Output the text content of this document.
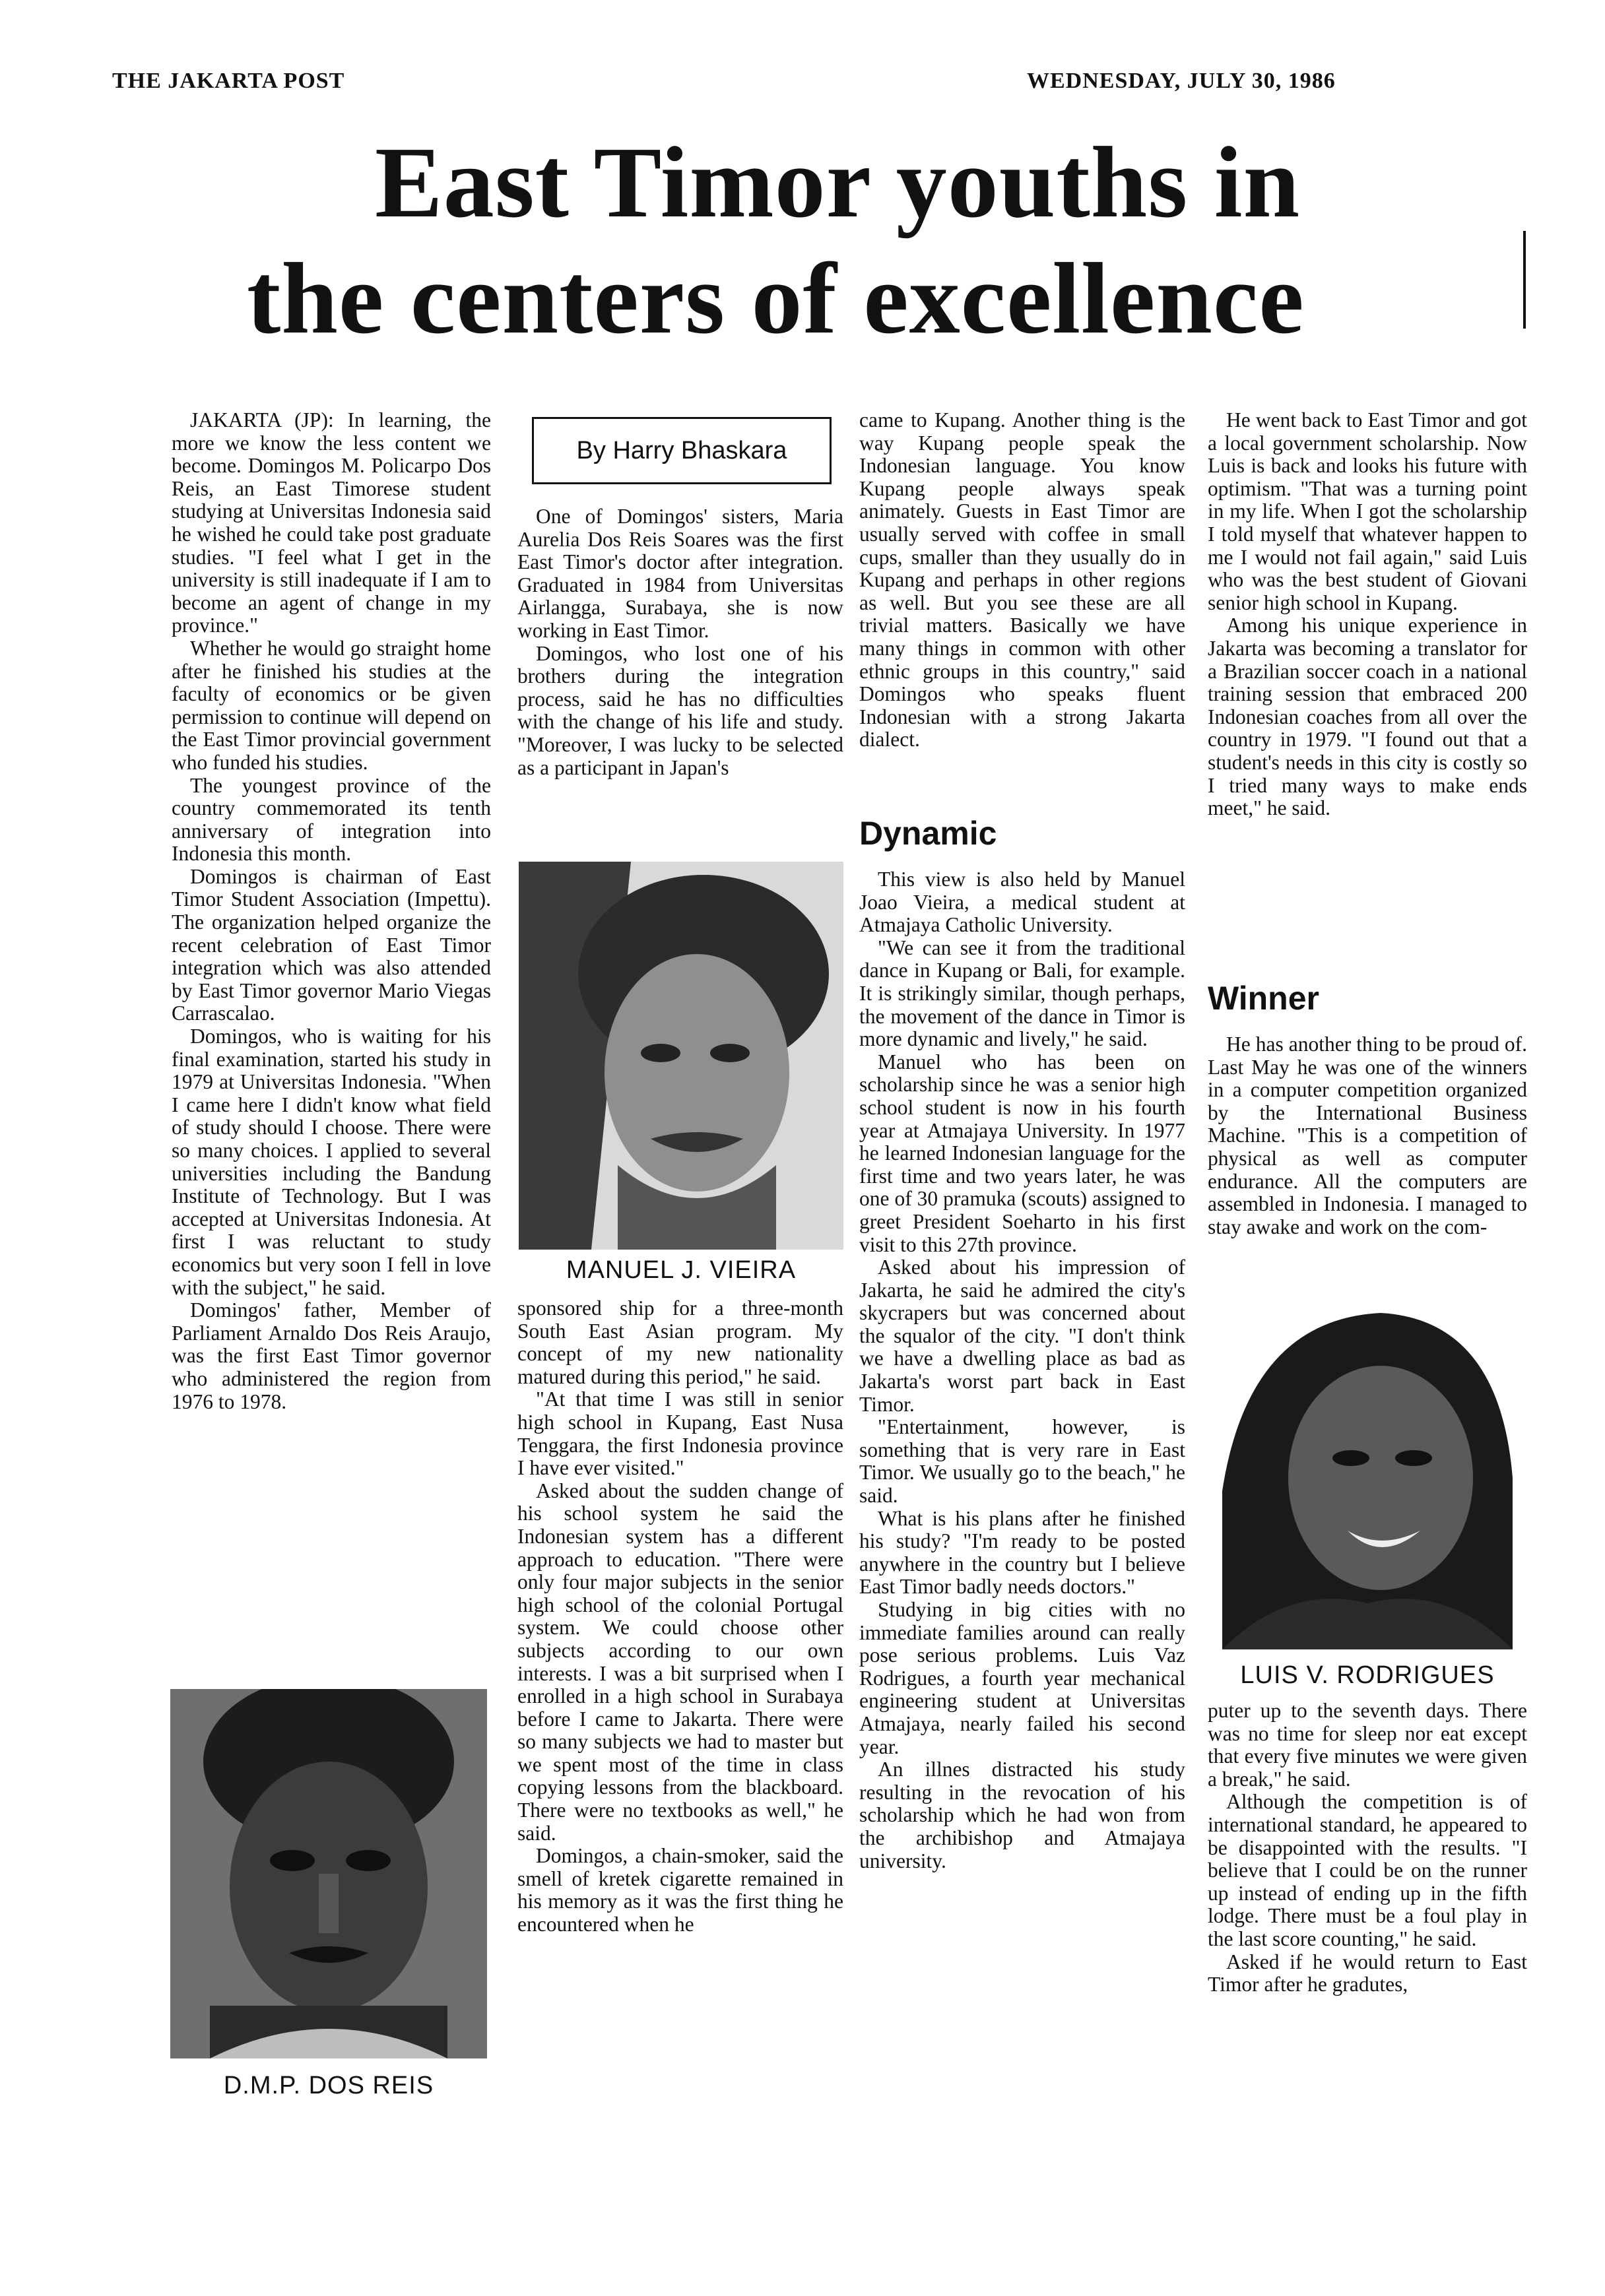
THE JAKARTA POST	WEDNESDAY, JULY 30, 1986
East Timor youths in
the centers of excellence

JAKARTA (JP): In learning, the more we know the less content we become. Domingos M. Policarpo Dos Reis, an East Timorese student studying at Universitas Indonesia said he wished he could take post graduate studies. "I feel what I get in the university is still inadequate if I am to become an agent of change in my province."

Whether he would go straight home after he finished his studies at the faculty of economics or be given permission to continue will depend on the East Timor provincial government who funded his studies.

The youngest province of the country commemorated its tenth anniversary of integration into Indonesia this month.

Domingos is chairman of East Timor Student Association (Impettu). The organization helped organize the recent celebration of East Timor integration which was also attended by East Timor governor Mario Viegas Carrascalao.

Domingos, who is waiting for his final examination, started his study in 1979 at Universitas Indonesia. "When I came here I didn't know what field of study should I choose. There were so many choices. I applied to several universities including the Bandung Institute of Technology. But I was accepted at Universitas Indonesia. At first I was reluctant to study economics but very soon I fell in love with the subject," he said.

Domingos' father, Member of Parliament Arnaldo Dos Reis Araujo, was the first East Timor governor who administered the region from 1976 to 1978.

D.M.P. DOS REIS
By Harry Bhaskara

One of Domingos' sisters, Maria Aurelia Dos Reis Soares was the first East Timor's doctor after integration. Graduated in 1984 from Universitas Airlangga, Surabaya, she is now working in East Timor.

Domingos, who lost one of his brothers during the integration process, said he has no difficulties with the change of his life and study. "Moreover, I was lucky to be selected as a participant in Japan's

MANUEL J. VIEIRA

sponsored ship for a three-month South East Asian program. My concept of my new nationality matured during this period," he said.

"At that time I was still in senior high school in Kupang, East Nusa Tenggara, the first Indonesia province I have ever visited."

Asked about the sudden change of his school system he said the Indonesian system has a different approach to education. "There were only four major subjects in the senior high school of the colonial Portugal system. We could choose other subjects according to our own interests. I was a bit surprised when I enrolled in a high school in Surabaya before I came to Jakarta. There were so many subjects we had to master but we spent most of the time in class copying lessons from the blackboard. There were no textbooks as well," he said.

Domingos, a chain-smoker, said the smell of kretek cigarette remained in his memory as it was the first thing he encountered when he

came to Kupang. Another thing is the way Kupang people speak the Indonesian language. You know Kupang people always speak animately. Guests in East Timor are usually served with coffee in small cups, smaller than they usually do in Kupang and perhaps in other regions as well. But you see these are all trivial matters. Basically we have many things in common with other ethnic groups in this country," said Domingos who speaks fluent Indonesian with a strong Jakarta dialect.

Dynamic

This view is also held by Manuel Joao Vieira, a medical student at Atmajaya Catholic University.

"We can see it from the traditional dance in Kupang or Bali, for example. It is strikingly similar, though perhaps, the movement of the dance in Timor is more dynamic and lively," he said.

Manuel who has been on scholarship since he was a senior high school student is now in his fourth year at Atmajaya University. In 1977 he learned Indonesian language for the first time and two years later, he was one of 30 pramuka (scouts) assigned to greet President Soeharto in his first visit to this 27th province.

Asked about his impression of Jakarta, he said he admired the city's skycrapers but was concerned about the squalor of the city. "I don't think we have a dwelling place as bad as Jakarta's worst part back in East Timor.

"Entertainment, however, is something that is very rare in East Timor. We usually go to the beach," he said.

What is his plans after he finished his study? "I'm ready to be posted anywhere in the country but I believe East Timor badly needs doctors."

Studying in big cities with no immediate families around can really pose serious problems. Luis Vaz Rodrigues, a fourth year mechanical engineering student at Universitas Atmajaya, nearly failed his second year.

An illnes distracted his study resulting in the revocation of his scholarship which he had won from the archibishop and Atmajaya university.

He went back to East Timor and got a local government scholarship. Now Luis is back and looks his future with optimism. "That was a turning point in my life. When I got the scholarship I told myself that whatever happen to me I would not fail again," said Luis who was the best student of Giovani senior high school in Kupang.

Among his unique experience in Jakarta was becoming a translator for a Brazilian soccer coach in a national training session that embraced 200 Indonesian coaches from all over the country in 1979. "I found out that a student's needs in this city is costly so I tried many ways to make ends meet," he said.

Winner

He has another thing to be proud of. Last May he was one of the winners in a computer competition organized by the International Business Machine. "This is a competition of physical as well as computer endurance. All the computers are assembled in Indonesia. I managed to stay awake and work on the com-

LUIS V. RODRIGUES

puter up to the seventh days. There was no time for sleep nor eat except that every five minutes we were given a break," he said.

Although the competition is of international standard, he appeared to be disappointed with the results. "I believe that I could be on the runner up instead of ending up in the fifth lodge. There must be a foul play in the last score counting," he said.

Asked if he would return to East Timor after he gradutes,
